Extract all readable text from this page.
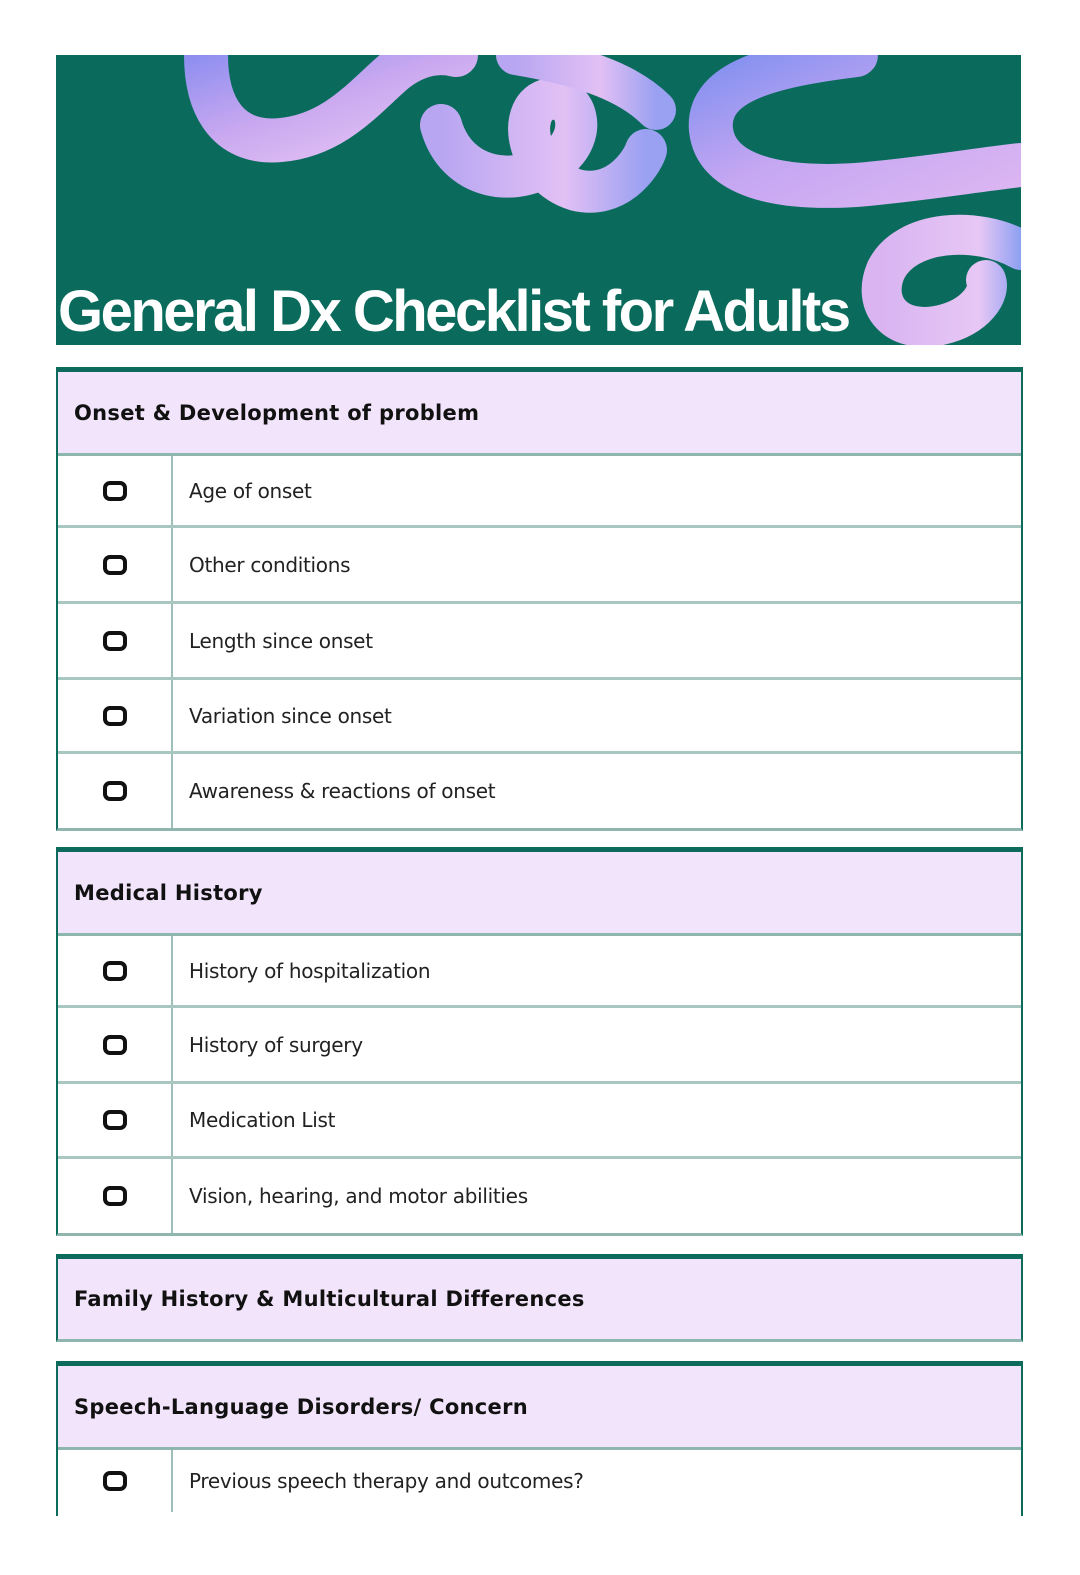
General Dx Checklist for Adults
Onset & Development of problem
Age of onset
Other conditions
Length since onset
Variation since onset
Awareness & reactions of onset
Medical History
History of hospitalization
History of surgery
Medication List
Vision, hearing, and motor abilities
Family History & Multicultural Differences
Speech-Language Disorders/ Concern
Previous speech therapy and outcomes?
